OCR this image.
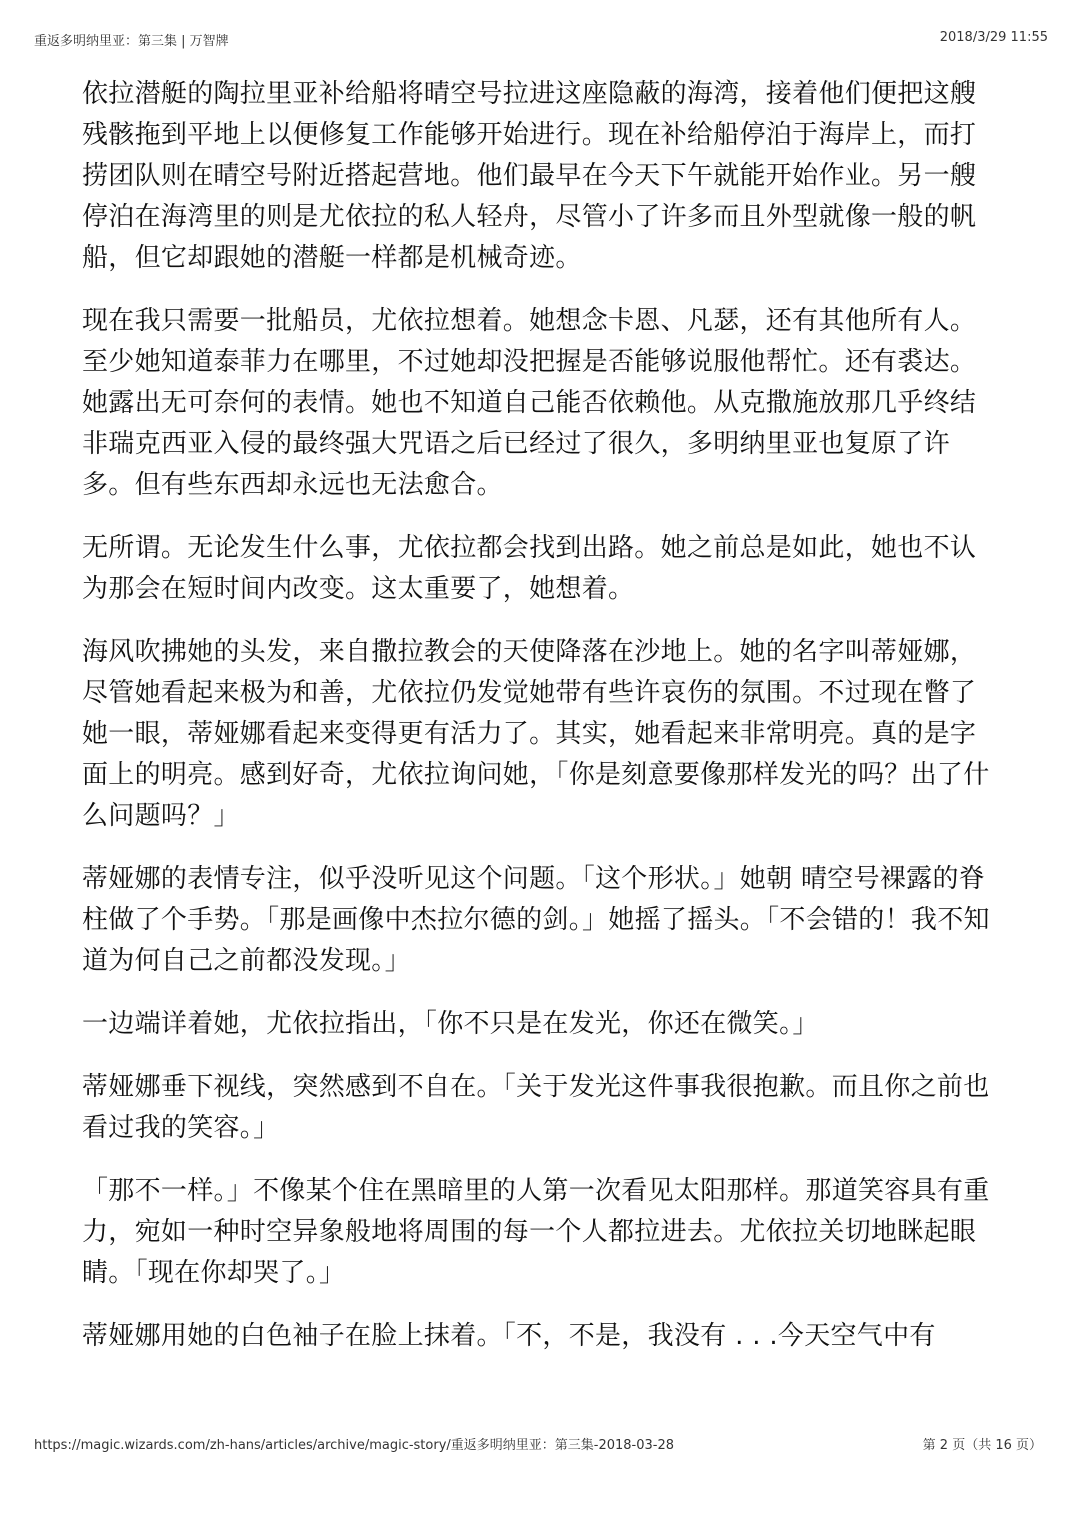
重返多明纳里亚：第三集 | 万智牌	2018/3/29 11:55

依拉潜艇的陶拉里亚补给船将晴空号拉进这座隐蔽的海湾，接着他们便把这艘残骸拖到平地上以便修复工作能够开始进行。现在补给船停泊于海岸上，而打捞团队则在晴空号附近搭起营地。他们最早在今天下午就能开始作业。另一艘停泊在海湾里的则是尤依拉的私人轻舟，尽管小了许多而且外型就像一般的帆船，但它却跟她的潜艇一样都是机械奇迹。

现在我只需要一批船员，尤依拉想着。她想念卡恩、凡瑟，还有其他所有人。至少她知道泰菲力在哪里，不过她却没把握是否能够说服他帮忙。还有裘达。她露出无可奈何的表情。她也不知道自己能否依赖他。从克撒施放那几乎终结非瑞克西亚入侵的最终强大咒语之后已经过了很久，多明纳里亚也复原了许多。但有些东西却永远也无法愈合。

无所谓。无论发生什么事，尤依拉都会找到出路。她之前总是如此，她也不认为那会在短时间内改变。这太重要了，她想着。

海风吹拂她的头发，来自撒拉教会的天使降落在沙地上。她的名字叫蒂娅娜，尽管她看起来极为和善，尤依拉仍发觉她带有些许哀伤的氛围。不过现在瞥了她一眼，蒂娅娜看起来变得更有活力了。其实，她看起来非常明亮。真的是字面上的明亮。感到好奇，尤依拉询问她，「你是刻意要像那样发光的吗？出了什么问题吗？」

蒂娅娜的表情专注，似乎没听见这个问题。「这个形状。」她朝 晴空号裸露的脊柱做了个手势。「那是画像中杰拉尔德的剑。」她摇了摇头。「不会错的！我不知道为何自己之前都没发现。」

一边端详着她，尤依拉指出，「你不只是在发光，你还在微笑。」

蒂娅娜垂下视线，突然感到不自在。「关于发光这件事我很抱歉。而且你之前也看过我的笑容。」

「那不一样。」不像某个住在黑暗里的人第一次看见太阳那样。那道笑容具有重力，宛如一种时空异象般地将周围的每一个人都拉进去。尤依拉关切地眯起眼睛。「现在你却哭了。」

蒂娅娜用她的白色袖子在脸上抹着。「不，不是，我没有 . . .今天空气中有

https://magic.wizards.com/zh-hans/articles/archive/magic-story/重返多明纳里亚：第三集-2018-03-28	第 2 页（共 16 页）
